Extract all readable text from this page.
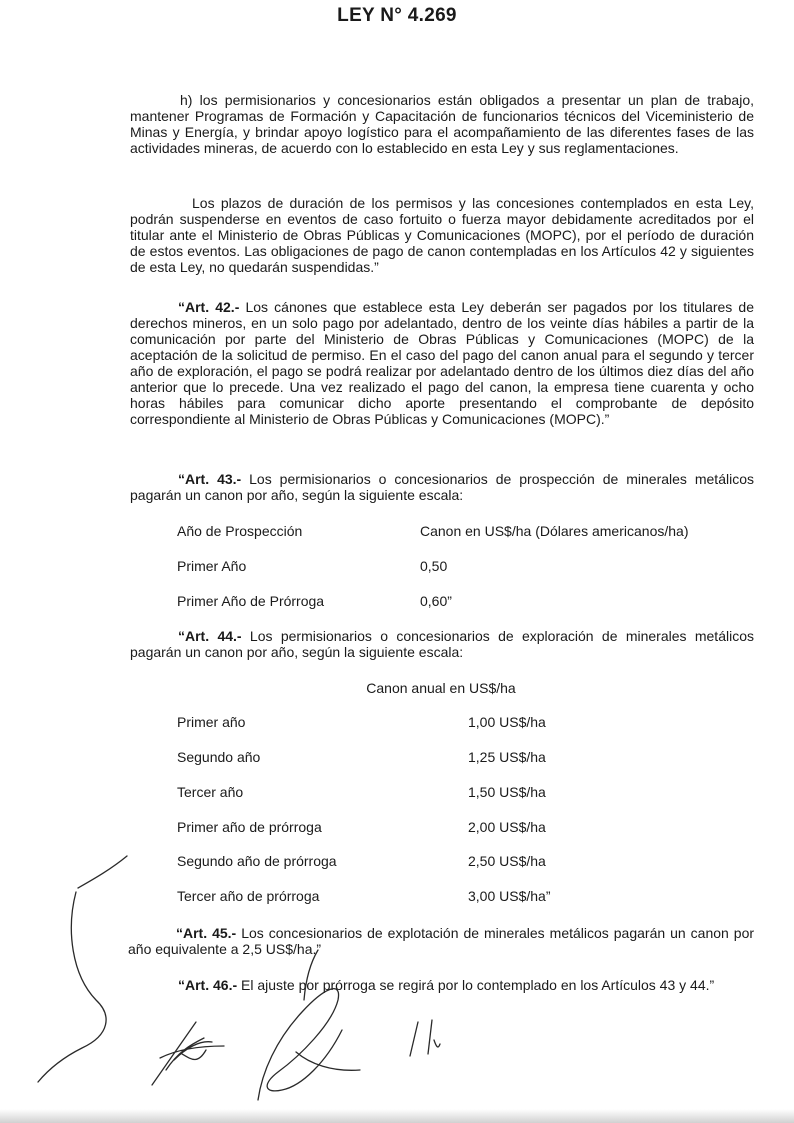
LEY N° 4.269

h) los permisionarios y concesionarios están obligados a presentar un plan de trabajo, mantener Programas de Formación y Capacitación de funcionarios técnicos del Viceministerio de Minas y Energía, y brindar apoyo logístico para el acompañamiento de las diferentes fases de las actividades mineras, de acuerdo con lo establecido en esta Ley y sus reglamentaciones.

Los plazos de duración de los permisos y las concesiones contemplados en esta Ley, podrán suspenderse en eventos de caso fortuito o fuerza mayor debidamente acreditados por el titular ante el Ministerio de Obras Públicas y Comunicaciones (MOPC), por el período de duración de estos eventos. Las obligaciones de pago de canon contempladas en los Artículos 42 y siguientes de esta Ley, no quedarán suspendidas.”

“Art. 42.- Los cánones que establece esta Ley deberán ser pagados por los titulares de derechos mineros, en un solo pago por adelantado, dentro de los veinte días hábiles a partir de la comunicación por parte del Ministerio de Obras Públicas y Comunicaciones (MOPC) de la aceptación de la solicitud de permiso. En el caso del pago del canon anual para el segundo y tercer año de exploración, el pago se podrá realizar por adelantado dentro de los últimos diez días del año anterior que lo precede. Una vez realizado el pago del canon, la empresa tiene cuarenta y ocho horas hábiles para comunicar dicho aporte presentando el comprobante de depósito correspondiente al Ministerio de Obras Públicas y Comunicaciones (MOPC).”

“Art. 43.- Los permisionarios o concesionarios de prospección de minerales metálicos pagarán un canon por año, según la siguiente escala:

Año de Prospección	Canon en US$/ha (Dólares americanos/ha)
Primer Año	0,50
Primer Año de Prórroga	0,60”

“Art. 44.- Los permisionarios o concesionarios de exploración de minerales metálicos pagarán un canon por año, según la siguiente escala:

Canon anual en US$/ha
Primer año	1,00 US$/ha
Segundo año	1,25 US$/ha
Tercer año	1,50 US$/ha
Primer año de prórroga	2,00 US$/ha
Segundo año de prórroga	2,50 US$/ha
Tercer año de prórroga	3,00 US$/ha”

“Art. 45.- Los concesionarios de explotación de minerales metálicos pagarán un canon por año equivalente a 2,5 US$/ha.”

“Art. 46.- El ajuste por prórroga se regirá por lo contemplado en los Artículos 43 y 44.”
